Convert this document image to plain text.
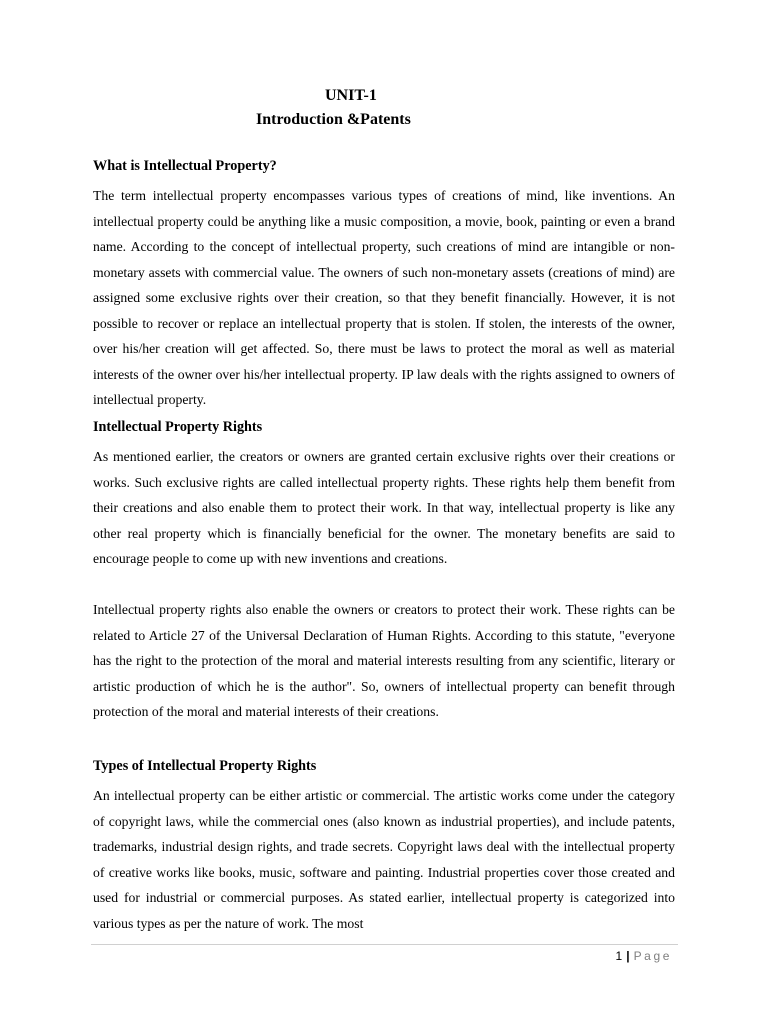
UNIT-1
Introduction &Patents
What is Intellectual Property?

The term intellectual property encompasses various types of creations of mind, like inventions. An intellectual property could be anything like a music composition, a movie, book, painting or even a brand name. According to the concept of intellectual property, such creations of mind are intangible or non-monetary assets with commercial value. The owners of such non-monetary assets (creations of mind) are assigned some exclusive rights over their creation, so that they benefit financially. However, it is not possible to recover or replace an intellectual property that is stolen. If stolen, the interests of the owner, over his/her creation will get affected. So, there must be laws to protect the moral as well as material interests of the owner over his/her intellectual property. IP law deals with the rights assigned to owners of intellectual property.

Intellectual Property Rights

As mentioned earlier, the creators or owners are granted certain exclusive rights over their creations or works. Such exclusive rights are called intellectual property rights. These rights help them benefit from their creations and also enable them to protect their work. In that way, intellectual property is like any other real property which is financially beneficial for the owner. The monetary benefits are said to encourage people to come up with new inventions and creations.

Intellectual property rights also enable the owners or creators to protect their work. These rights can be related to Article 27 of the Universal Declaration of Human Rights. According to this statute, "everyone has the right to the protection of the moral and material interests resulting from any scientific, literary or artistic production of which he is the author". So, owners of intellectual property can benefit through protection of the moral and material interests of their creations.

Types of Intellectual Property Rights

An intellectual property can be either artistic or commercial. The artistic works come under the category of copyright laws, while the commercial ones (also known as industrial properties), and include patents, trademarks, industrial design rights, and trade secrets. Copyright laws deal with the intellectual property of creative works like books, music, software and painting. Industrial properties cover those created and used for industrial or commercial purposes. As stated earlier, intellectual property is categorized into various types as per the nature of work. The most

1 | Page
